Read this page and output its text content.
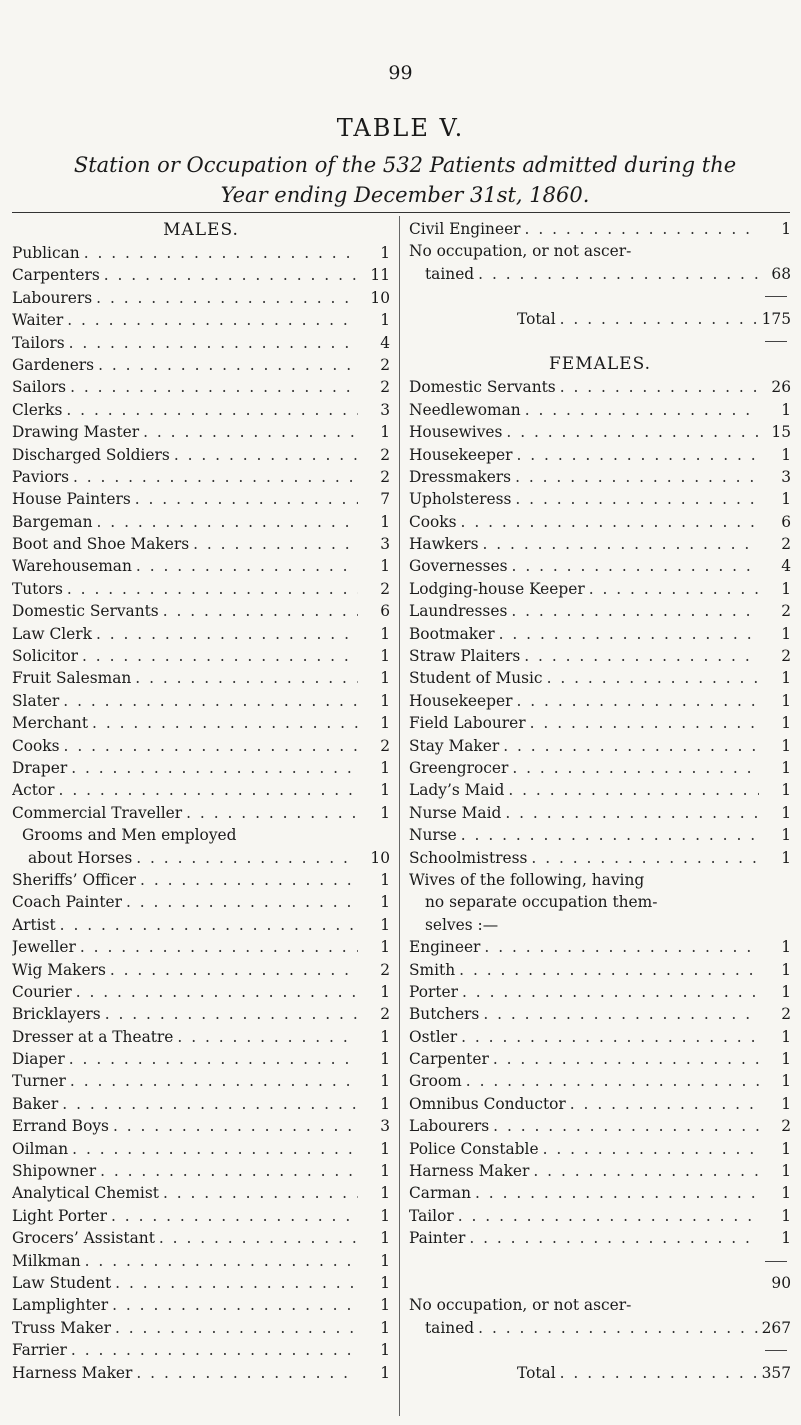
99
TABLE V.
Station or Occupation of the 532 Patients admitted during the
Year ending December 31st, 1860.
MALES.
Publican . . .	1
Carpenters . . .	11
Labourers . . .	10
Waiter . . .	1
Tailors . . .	4
Gardeners . . .	2
Sailors . . .	2
Clerks . . .	3
Drawing Master . . .	1
Discharged Soldiers . . .	2
Paviors . . .	2
House Painters . . .	7
Bargeman . . .	1
Boot and Shoe Makers . . .	3
Warehouseman . . .	1
Tutors . . .	2
Domestic Servants . . .	6
Law Clerk . . .	1
Solicitor . . .	1
Fruit Salesman . . .	1
Slater . . .	1
Merchant . . .	1
Cooks . . .	2
Draper . . .	1
Actor . . .	1
Commercial Traveller . . .	1
Grooms and Men employed
about Horses . . .	10
Sheriffs’ Officer . . .	1
Coach Painter . . .	1
Artist . . .	1
Jeweller . . .	1
Wig Makers . . .	2
Courier . . .	1
Bricklayers . . .	2
Dresser at a Theatre . . .	1
Diaper . . .	1
Turner . . .	1
Baker . . .	1
Errand Boys . . .	3
Oilman . . .	1
Shipowner . . .	1
Analytical Chemist . . .	1
Light Porter . . .	1
Grocers’ Assistant . . .	1
Milkman . . .	1
Law Student . . .	1
Lamplighter . . .	1
Truss Maker . . .	1
Farrier . . .	1
Harness Maker . . .	1
Civil Engineer . . .	1
No occupation, or not ascer-
tained . . .	68
Total . . .	175
FEMALES.
Domestic Servants . . .	26
Needlewoman . . .	1
Housewives . . .	15
Housekeeper . . .	1
Dressmakers . . .	3
Upholsteress . . .	1
Cooks . . .	6
Hawkers . . .	2
Governesses . . .	4
Lodging-house Keeper . . .	1
Laundresses . . .	2
Bootmaker . . .	1
Straw Plaiters . . .	2
Student of Music . . .	1
Housekeeper . . .	1
Field Labourer . . .	1
Stay Maker . . .	1
Greengrocer . . .	1
Lady’s Maid . . .	1
Nurse Maid . . .	1
Nurse . . .	1
Schoolmistress . . .	1
Wives of the following, having
no separate occupation them-
selves :—
Engineer . . .	1
Smith . . .	1
Porter . . .	1
Butchers . . .	2
Ostler . . .	1
Carpenter . . .	1
Groom . . .	1
Omnibus Conductor . . .	1
Labourers . . .	2
Police Constable . . .	1
Harness Maker . . .	1
Carman . . .	1
Tailor . . .	1
Painter . . .	1
90
No occupation, or not ascer-
tained . . .	267
Total . . .	357
